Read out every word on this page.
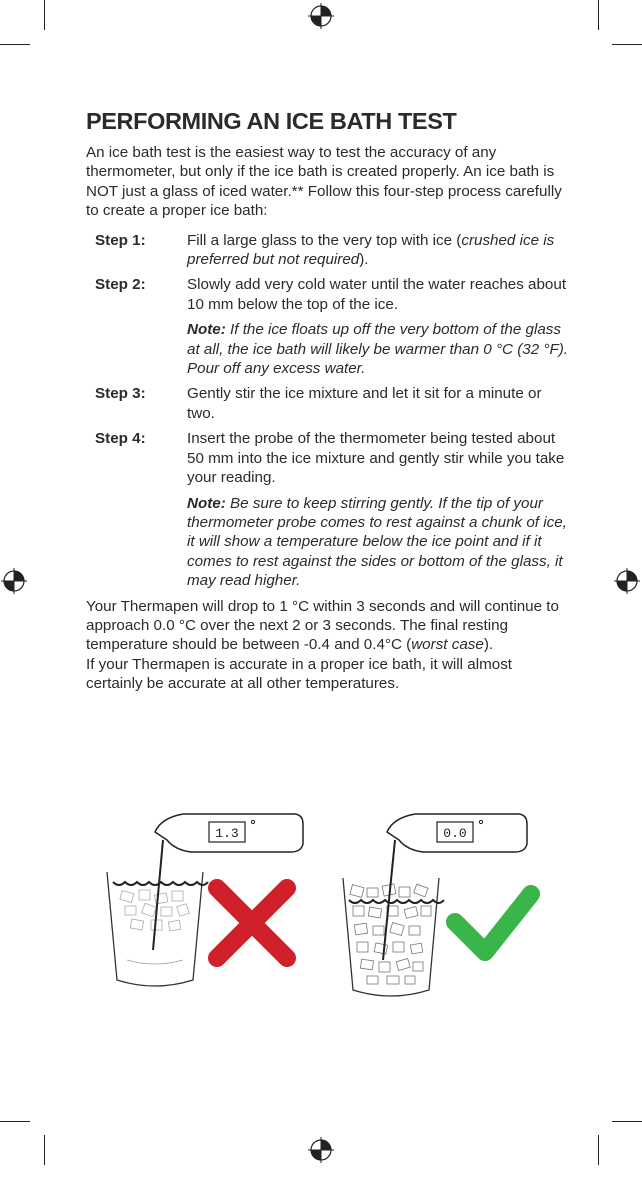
PERFORMING AN ICE BATH TEST

An ice bath test is the easiest way to test the accuracy of any thermometer, but only if the ice bath is created properly. An ice bath is NOT just a glass of iced water.** Follow this four-step process carefully to create a proper ice bath:

Step 1:	Fill a large glass to the very top with ice (crushed ice is preferred but not required).
Step 2:	Slowly add very cold water until the water reaches about 10 mm below the top of the ice.
Note: If the ice floats up off the very bottom of the glass at all, the ice bath will likely be warmer than 0 °C (32 °F). Pour off any excess water.
Step 3:	Gently stir the ice mixture and let it sit for a minute or two.
Step 4:	Insert the probe of the thermometer being tested about 50 mm into the ice mixture and gently stir while you take your reading.
Note: Be sure to keep stirring gently. If the tip of your thermometer probe comes to rest against a chunk of ice, it will show a temperature below the ice point and if it comes to rest against the sides or bottom of the glass, it may read higher.

Your Thermapen will drop to 1 °C within 3 seconds and will continue to approach 0.0 °C over the next 2 or 3 seconds. The final resting temperature should be between -0.4 and 0.4°C (worst case).

If your Thermapen is accurate in a proper ice bath, it will almost certainly be accurate at all other temperatures.

1.3	0.0
